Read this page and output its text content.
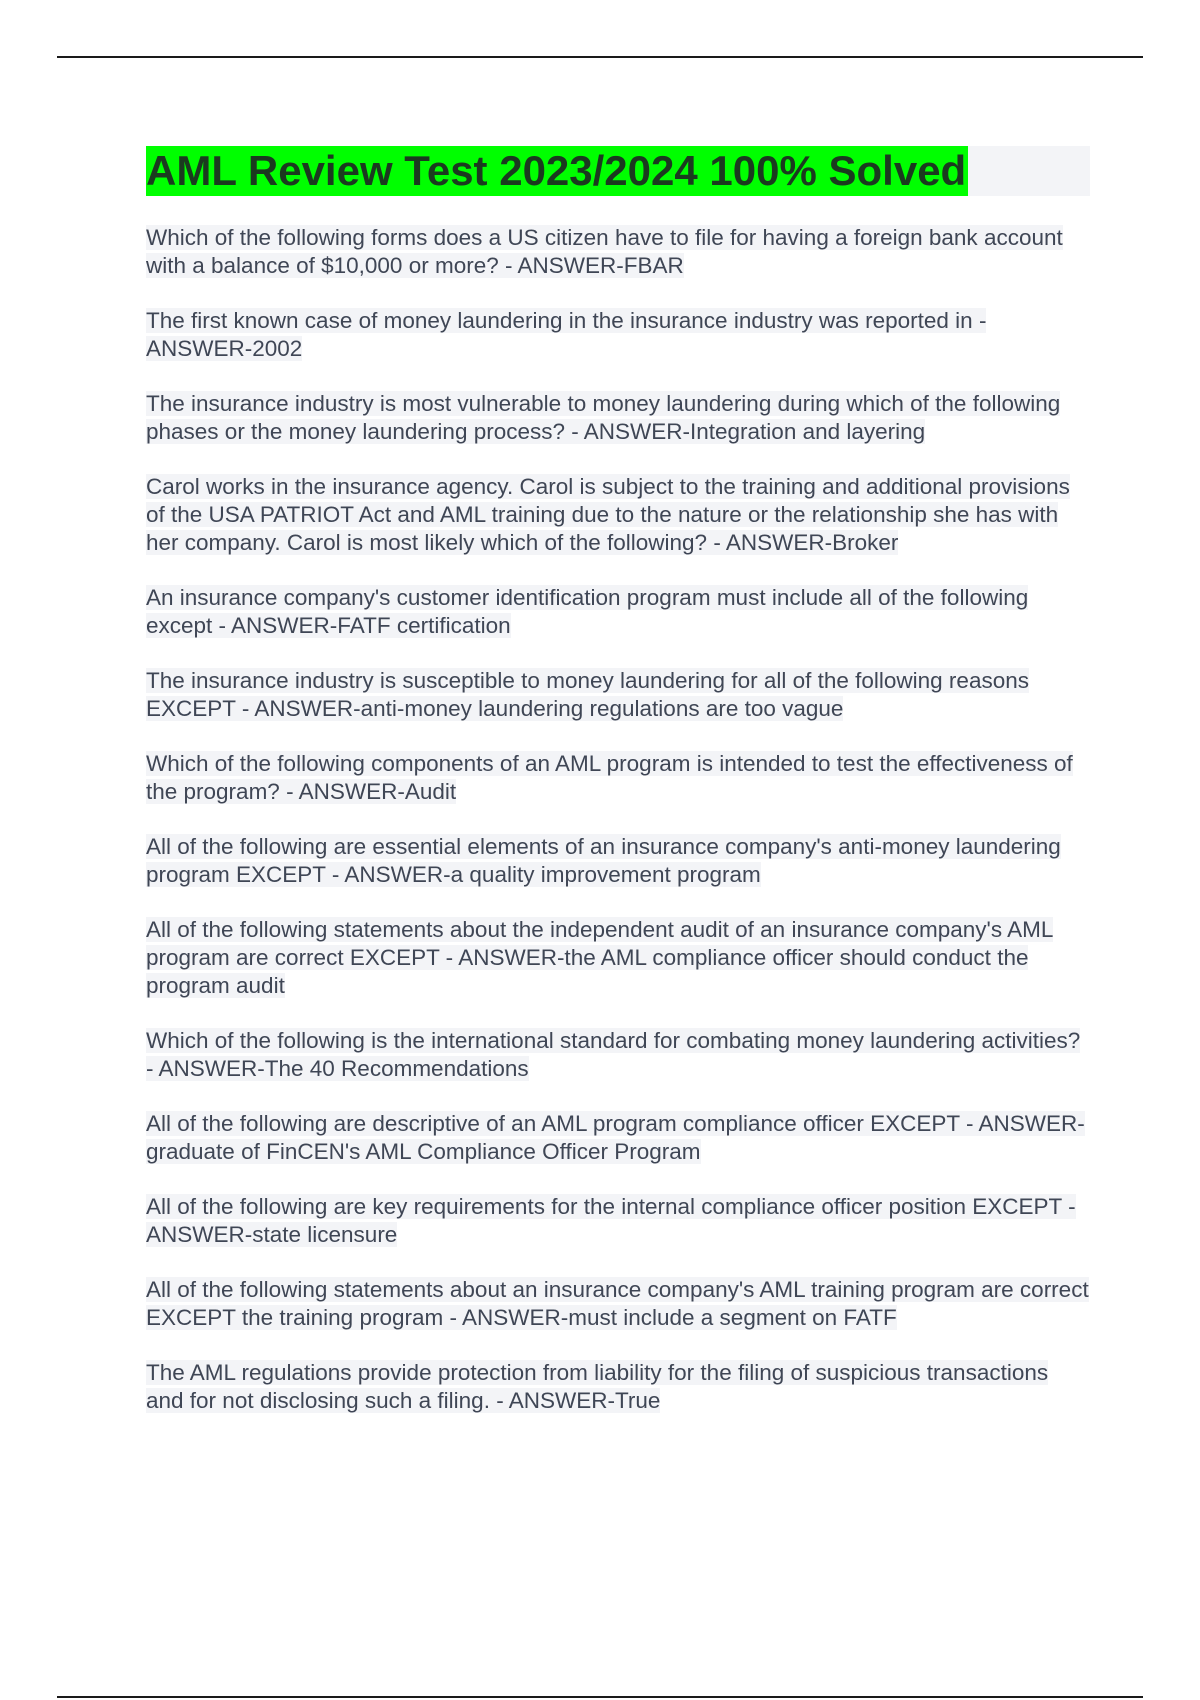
AML Review Test 2023/2024 100% Solved

Which of the following forms does a US citizen have to file for having a foreign bank account with a balance of $10,000 or more? - ANSWER-FBAR

The first known case of money laundering in the insurance industry was reported in - ANSWER-2002

The insurance industry is most vulnerable to money laundering during which of the following phases or the money laundering process? - ANSWER-Integration and layering

Carol works in the insurance agency. Carol is subject to the training and additional provisions of the USA PATRIOT Act and AML training due to the nature or the relationship she has with her company. Carol is most likely which of the following? - ANSWER-Broker

An insurance company's customer identification program must include all of the following except - ANSWER-FATF certification

The insurance industry is susceptible to money laundering for all of the following reasons EXCEPT - ANSWER-anti-money laundering regulations are too vague

Which of the following components of an AML program is intended to test the effectiveness of the program? - ANSWER-Audit

All of the following are essential elements of an insurance company's anti-money laundering program EXCEPT - ANSWER-a quality improvement program

All of the following statements about the independent audit of an insurance company's AML program are correct EXCEPT - ANSWER-the AML compliance officer should conduct the program audit

Which of the following is the international standard for combating money laundering activities? - ANSWER-The 40 Recommendations

All of the following are descriptive of an AML program compliance officer EXCEPT - ANSWER-graduate of FinCEN's AML Compliance Officer Program

All of the following are key requirements for the internal compliance officer position EXCEPT - ANSWER-state licensure

All of the following statements about an insurance company's AML training program are correct EXCEPT the training program - ANSWER-must include a segment on FATF

The AML regulations provide protection from liability for the filing of suspicious transactions and for not disclosing such a filing. - ANSWER-True
